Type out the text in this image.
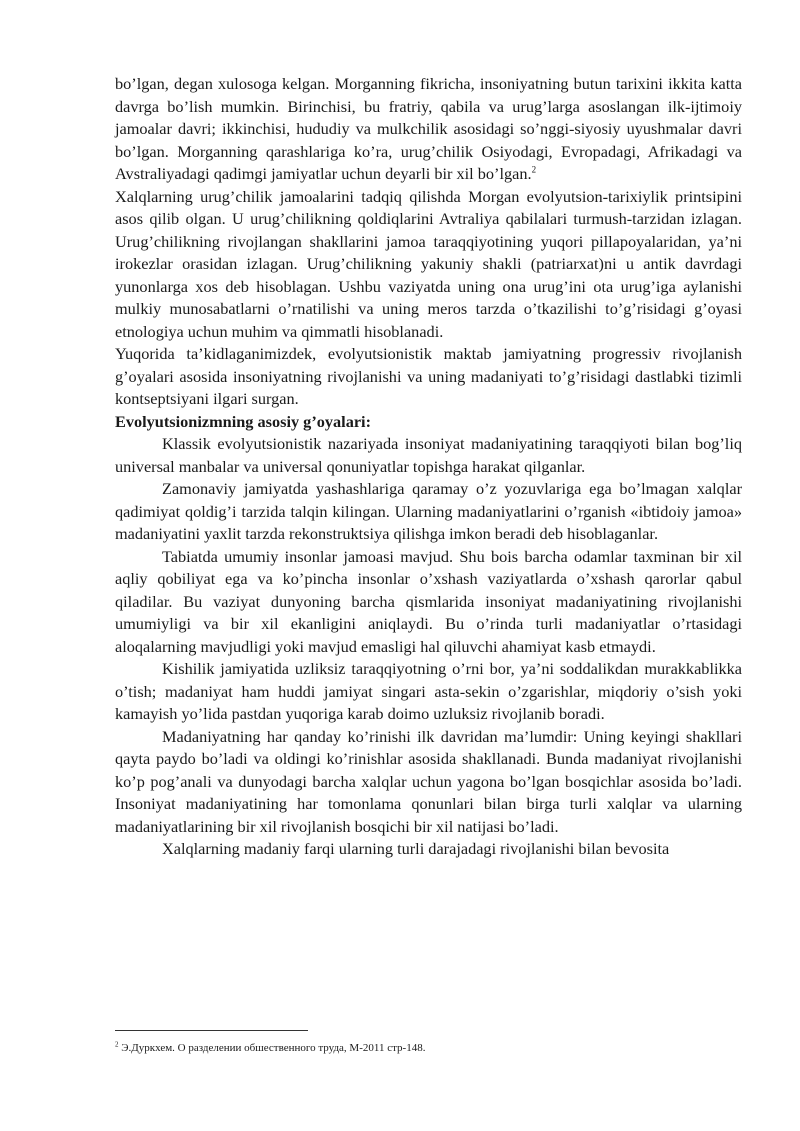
bo’lgan, degan xulosoga kelgan. Morganning fikricha, insoniyatning butun tarixini ikkita katta davrga bo’lish mumkin. Birinchisi, bu fratriy, qabila va urug’larga asoslangan ilk-ijtimoiy jamoalar davri; ikkinchisi, hududiy va mulkchilik asosidagi so’nggi-siyosiy uyushmalar davri bo’lgan. Morganning qarashlariga ko’ra, urug’chilik Osiyodagi, Evropadagi, Afrikadagi va Avstraliyadagi qadimgi jamiyatlar uchun deyarli bir xil bo’lgan.$^2$

Xalqlarning urug’chilik jamoalarini tadqiq qilishda Morgan evolyutsion-tarixiylik printsipini asos qilib olgan. U urug’chilikning qoldiqlarini Avtraliya qabilalari turmush-tarzidan izlagan. Urug’chilikning rivojlangan shakllarini jamoa taraqqiyotining yuqori pillapoyalaridan, ya’ni irokezlar orasidan izlagan. Urug’chilikning yakuniy shakli (patriarxat)ni u antik davrdagi yunonlarga xos deb hisoblagan. Ushbu vaziyatda uning ona urug’ini ota urug’iga aylanishi mulkiy munosabatlarni o’rnatilishi va uning meros tarzda o’tkazilishi to’g’risidagi g’oyasi etnologiya uchun muhim va qimmatli hisoblanadi.

Yuqorida ta’kidlaganimizdek, evolyutsionistik maktab jamiyatning progressiv rivojlanish g’oyalari asosida insoniyatning rivojlanishi va uning madaniyati to’g’risidagi dastlabki tizimli kontseptsiyani ilgari surgan.

Evolyutsionizmning asosiy g’oyalari:

Klassik evolyutsionistik nazariyada insoniyat madaniyatining taraqqiyoti bilan bog’liq universal manbalar va universal qonuniyatlar topishga harakat qilganlar.

Zamonaviy jamiyatda yashashlariga qaramay o’z yozuvlariga ega bo’lmagan xalqlar qadimiyat qoldig’i tarzida talqin kilingan. Ularning madaniyatlarini o’rganish «ibtidoiy jamoa» madaniyatini yaxlit tarzda rekonstruktsiya qilishga imkon beradi deb hisoblaganlar.

Tabiatda umumiy insonlar jamoasi mavjud. Shu bois barcha odamlar taxminan bir xil aqliy qobiliyat ega va ko’pincha insonlar o’xshash vaziyatlarda o’xshash qarorlar qabul qiladilar. Bu vaziyat dunyoning barcha qismlarida insoniyat madaniyatining rivojlanishi umumiyligi va bir xil ekanligini aniqlaydi. Bu o’rinda turli madaniyatlar o’rtasidagi aloqalarning mavjudligi yoki mavjud emasligi hal qiluvchi ahamiyat kasb etmaydi.

Kishilik jamiyatida uzliksiz taraqqiyotning o’rni bor, ya’ni soddalikdan murakkablikka o’tish; madaniyat ham huddi jamiyat singari asta-sekin o’zgarishlar, miqdoriy o’sish yoki kamayish yo’lida pastdan yuqoriga karab doimo uzluksiz rivojlanib boradi.

Madaniyatning har qanday ko’rinishi ilk davridan ma’lumdir: Uning keyingi shakllari qayta paydo bo’ladi va oldingi ko’rinishlar asosida shakllanadi. Bunda madaniyat rivojlanishi ko’p pog’anali va dunyodagi barcha xalqlar uchun yagona bo’lgan bosqichlar asosida bo’ladi. Insoniyat madaniyatining har tomonlama qonunlari bilan birga turli xalqlar va ularning madaniyatlarining bir xil rivojlanish bosqichi bir xil natijasi bo’ladi.

Xalqlarning madaniy farqi ularning turli darajadagi rivojlanishi bilan bevosita

$^2$ Э.Дуркхем. О разделении обшественного труда, М-2011 стр-148.
